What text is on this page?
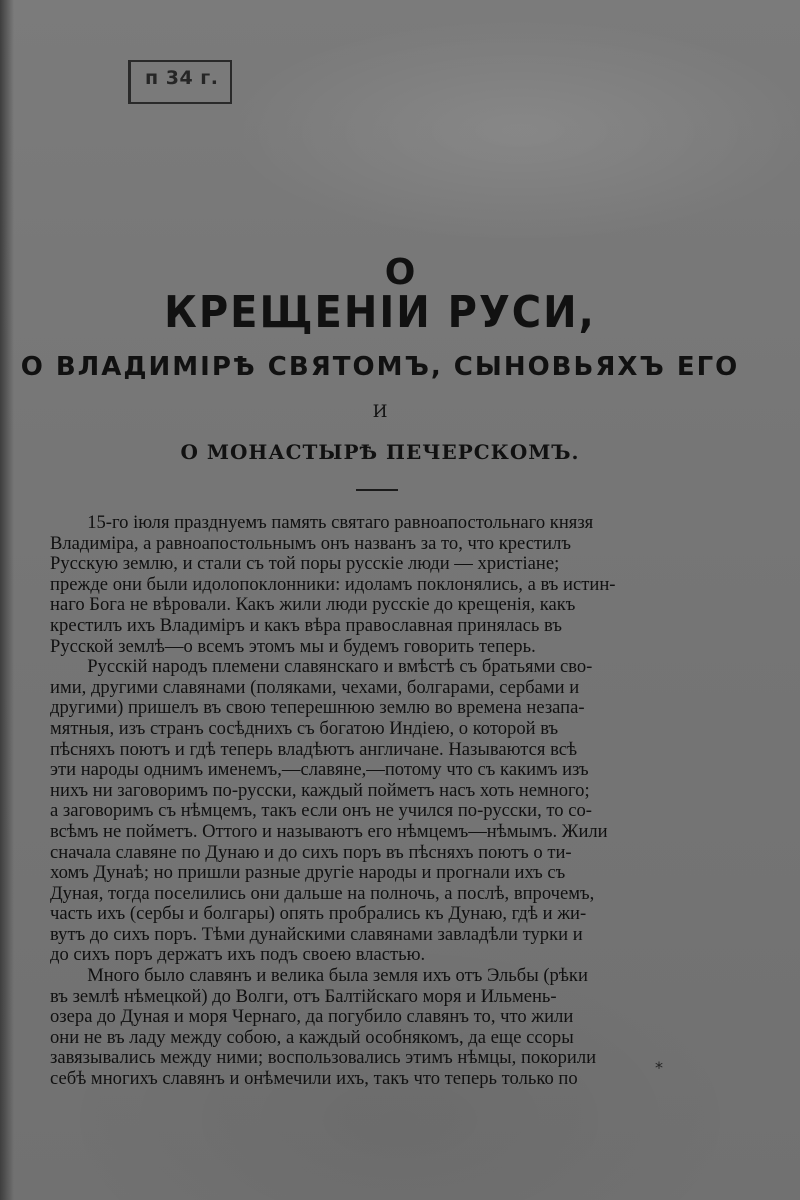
п 34 г.
О
КРЕЩЕНІИ РУСИ,
О ВЛАДИМІРѢ СВЯТОМЪ, СЫНОВЬЯХЪ ЕГО
И
О МОНАСТЫРѢ ПЕЧЕРСКОМЪ.
15-го іюля празднуемъ память святаго равноапостольнаго князя
Владиміра, а равноапостольнымъ онъ названъ за то, что крестилъ
Русскую землю, и стали съ той поры русскіе люди — христіане;
прежде они были идолопоклонники: идоламъ поклонялись, а въ истин-
наго Бога не вѣровали. Какъ жили люди русскіе до крещенія, какъ
крестилъ ихъ Владиміръ и какъ вѣра православная принялась въ
Русской землѣ—о всемъ этомъ мы и будемъ говорить теперь.
Русскій народъ племени славянскаго и вмѣстѣ съ братьями сво-
ими, другими славянами (поляками, чехами, болгарами, сербами и
другими) пришелъ въ свою теперешнюю землю во времена незапа-
мятныя, изъ странъ сосѣднихъ съ богатою Индіею, о которой въ
пѣсняхъ поютъ и гдѣ теперь владѣютъ англичане. Называются всѣ
эти народы однимъ именемъ,—славяне,—потому что съ какимъ изъ
нихъ ни заговоримъ по-русски, каждый пойметъ насъ хоть немного;
а заговоримъ съ нѣмцемъ, такъ если онъ не учился по-русски, то со-
всѣмъ не пойметъ. Оттого и называютъ его нѣмцемъ—нѣмымъ. Жили
сначала славяне по Дунаю и до сихъ поръ въ пѣсняхъ поютъ о ти-
хомъ Дунаѣ; но пришли разные другіе народы и прогнали ихъ съ
Дуная, тогда поселились они дальше на полночь, а послѣ, впрочемъ,
часть ихъ (сербы и болгары) опять пробрались къ Дунаю, гдѣ и жи-
вутъ до сихъ поръ. Тѣми дунайскими славянами завладѣли турки и
до сихъ поръ держатъ ихъ подъ своею властью.
Много было славянъ и велика была земля ихъ отъ Эльбы (рѣки
въ землѣ нѣмецкой) до Волги, отъ Балтійскаго моря и Ильмень-
озера до Дуная и моря Чернаго, да погубило славянъ то, что жили
они не въ ладу между собою, а каждый особнякомъ, да еще ссоры
завязывались между ними; воспользовались этимъ нѣмцы, покорили
себѣ многихъ славянъ и онѣмечили ихъ, такъ что теперь только по
*
